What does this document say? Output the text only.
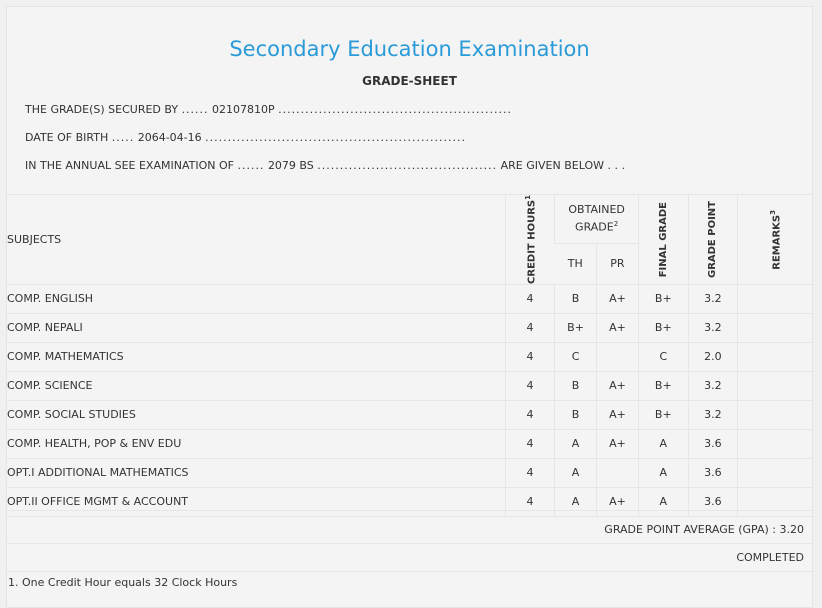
Secondary Education Examination
GRADE-SHEET
THE GRADE(S) SECURED BY ...... 02107810P ....................................................
DATE OF BIRTH ..... 2064-04-16 ..........................................................
IN THE ANNUAL SEE EXAMINATION OF ...... 2079 BS ........................................ ARE GIVEN BELOW . . .
SUBJECTS	CREDIT HOURS$^1$	OBTAINED GRADE$^2$		FINAL GRADE	GRADE POINT	REMARKS$^3$

		TH	PR			
COMP. ENGLISH	4	B	A+	B+	3.2	
COMP. NEPALI	4	B+	A+	B+	3.2	
COMP. MATHEMATICS	4	C		C	2.0	
COMP. SCIENCE	4	B	A+	B+	3.2	
COMP. SOCIAL STUDIES	4	B	A+	B+	3.2	
COMP. HEALTH, POP & ENV EDU	4	A	A+	A	3.6	
OPT.I ADDITIONAL MATHEMATICS	4	A		A	3.6	
OPT.II OFFICE MGMT & ACCOUNT	4	A	A+	A	3.6	
GRADE POINT AVERAGE (GPA) : 3.20
COMPLETED
1. One Credit Hour equals 32 Clock Hours
